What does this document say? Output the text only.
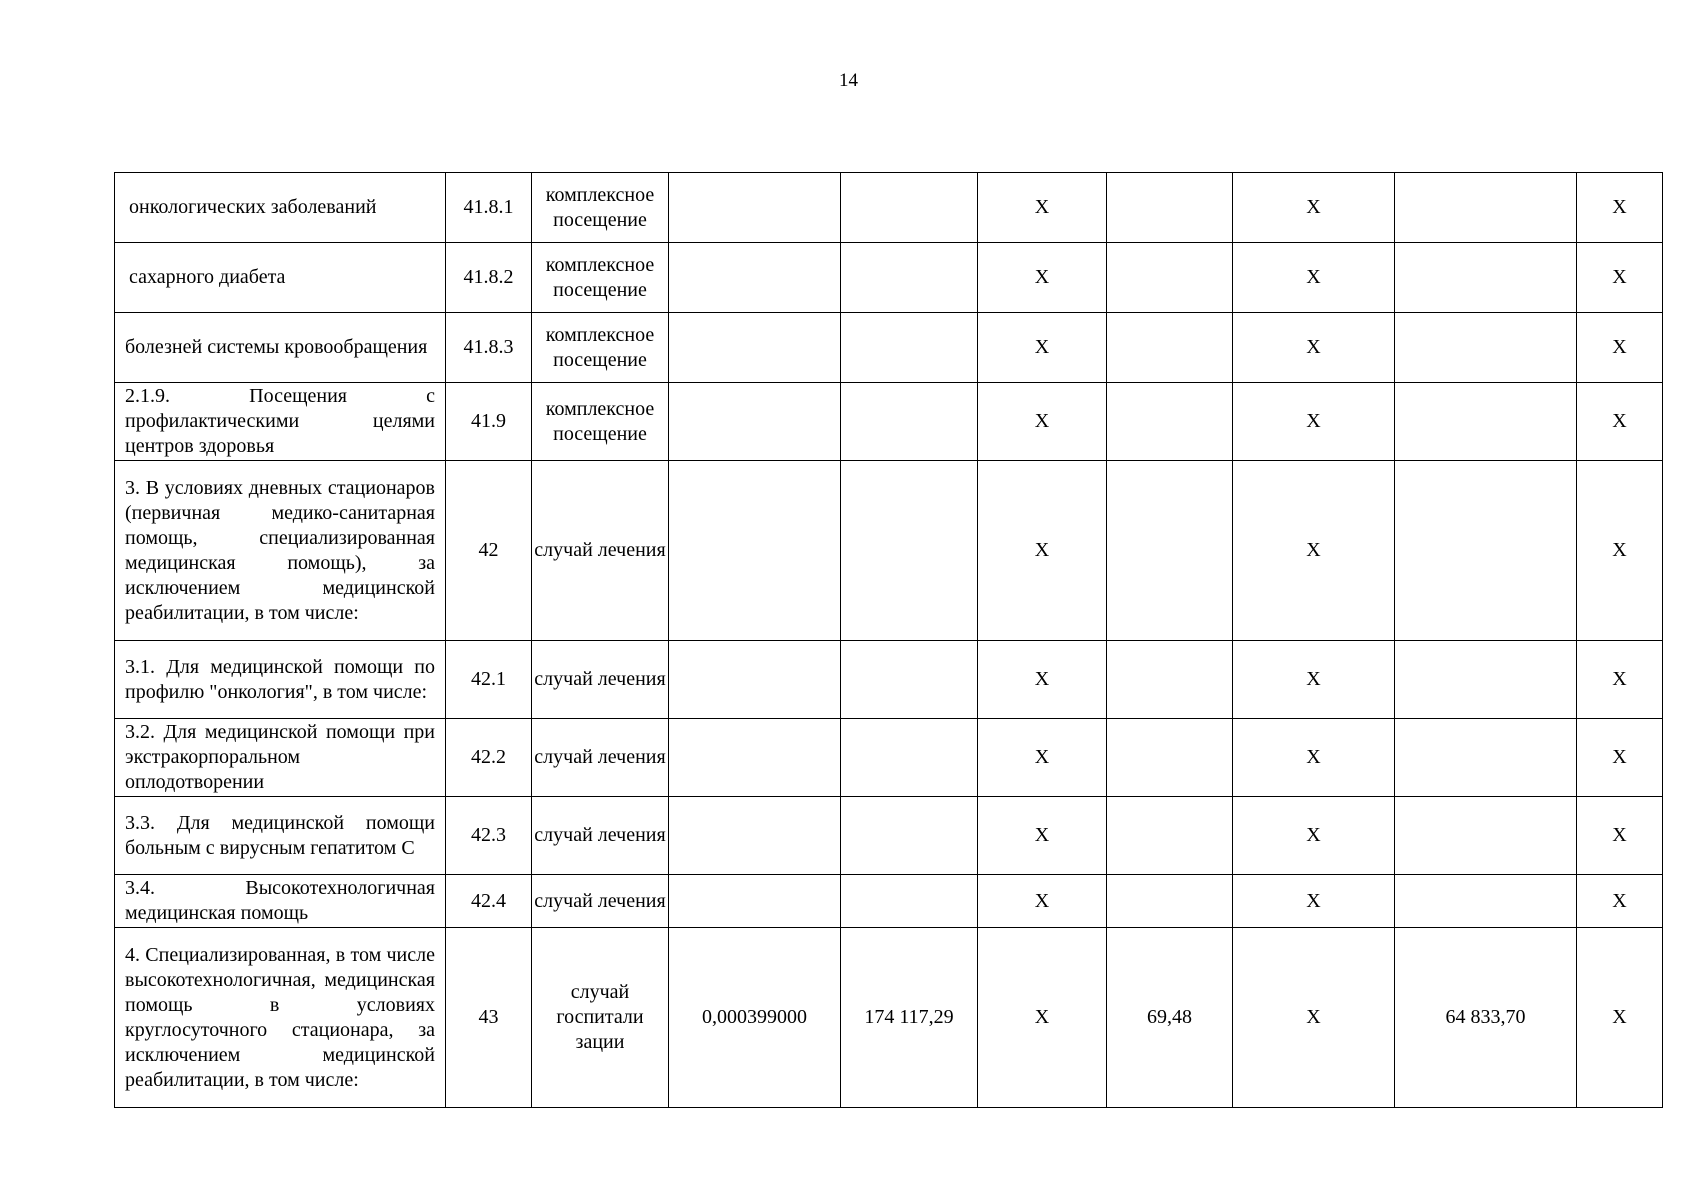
14
онкологических заболеваний	41.8.1	комплексное посещение			Х		Х		Х
сахарного диабета	41.8.2	комплексное посещение			Х		Х		Х
болезней системы кровообращения	41.8.3	комплексное посещение			Х		Х		Х
2.1.9. Посещения с профилактическими целями центров здоровья	41.9	комплексное посещение			Х		Х		Х
3. В условиях дневных стационаров (первичная медико-санитарная помощь, специализированная медицинская помощь), за исключением медицинской реабилитации, в том числе:	42	случай лечения			Х		Х		Х
3.1. Для медицинской помощи по профилю "онкология", в том числе:	42.1	случай лечения			Х		Х		Х
3.2. Для медицинской помощи при экстракорпоральном оплодотворении	42.2	случай лечения			Х		Х		Х
3.3. Для медицинской помощи больным с вирусным гепатитом С	42.3	случай лечения			Х		Х		Х
3.4. Высокотехнологичная медицинская помощь	42.4	случай лечения			Х		Х		Х
4. Специализированная, в том числе высокотехнологичная, медицинская помощь в условиях круглосуточного стационара, за исключением медицинской реабилитации, в том числе:	43	случай госпитали зации	0,000399000	174 117,29	Х	69,48	Х	64 833,70	Х
